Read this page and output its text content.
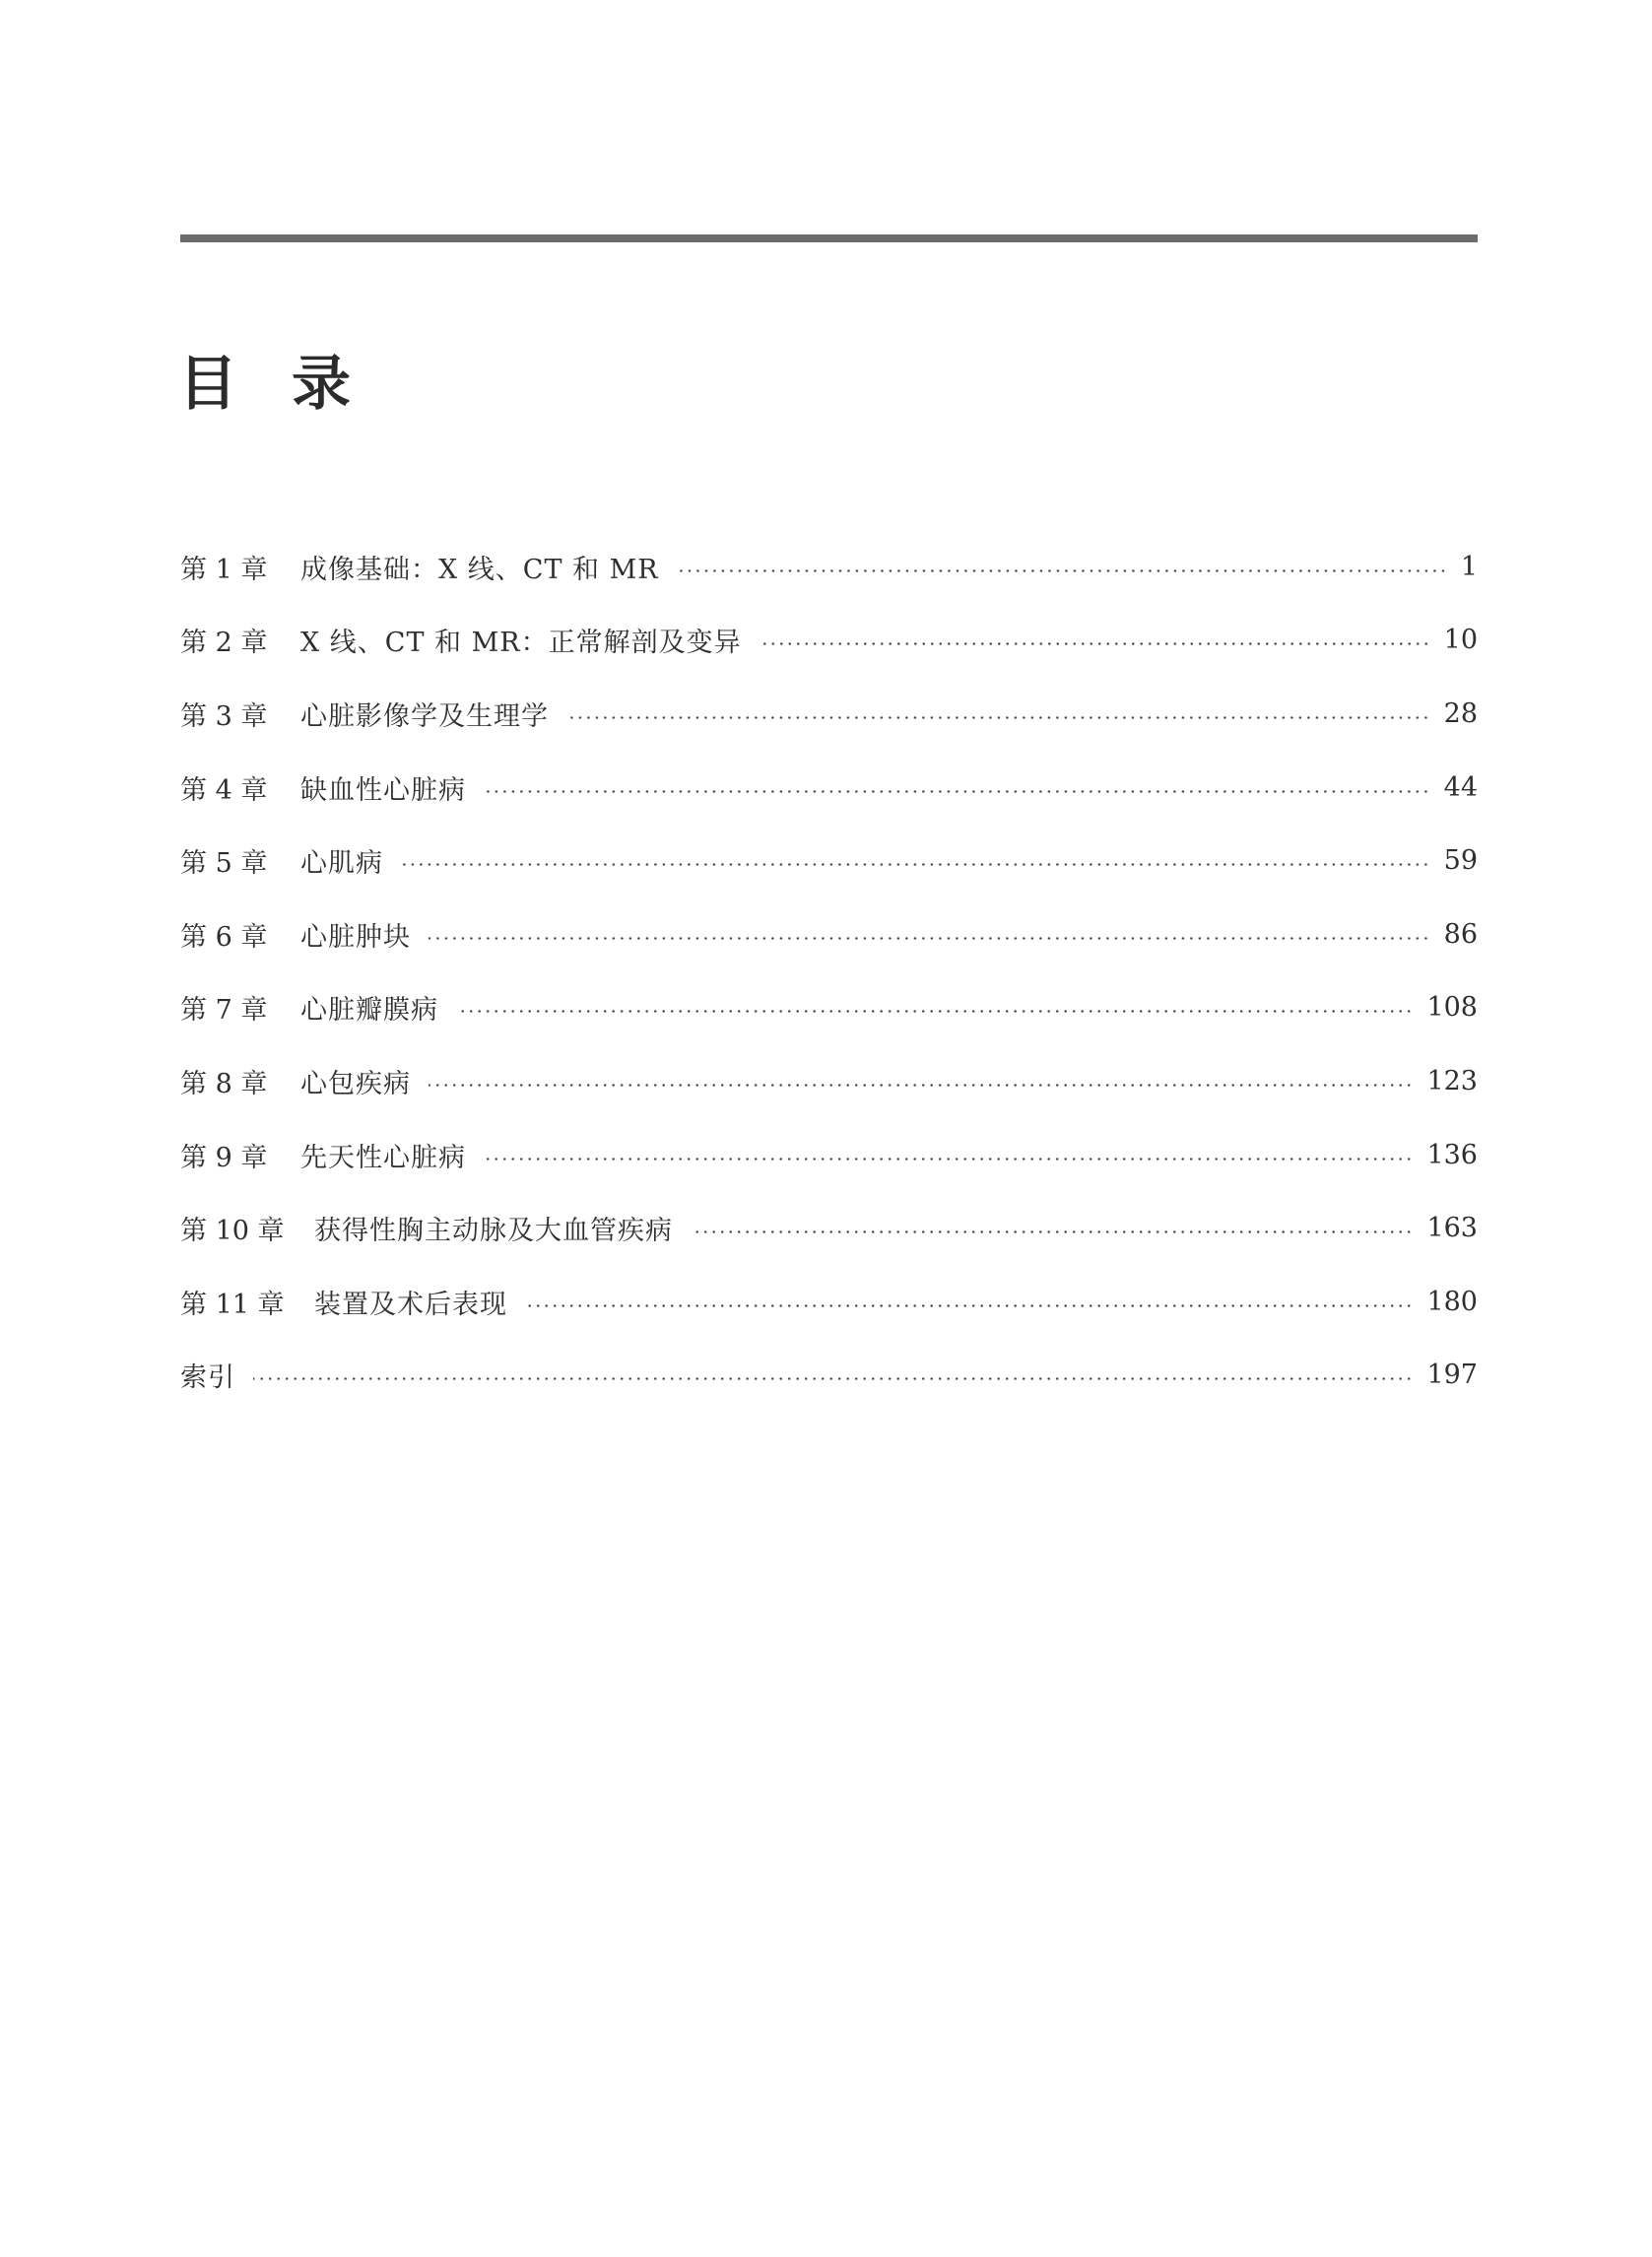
目 录
第 1 章	成像基础：X 线、CT 和 MR	1
第 2 章	X 线、CT 和 MR：正常解剖及变异	10
第 3 章	心脏影像学及生理学	28
第 4 章	缺血性心脏病	44
第 5 章	心肌病	59
第 6 章	心脏肿块	86
第 7 章	心脏瓣膜病	108
第 8 章	心包疾病	123
第 9 章	先天性心脏病	136
第 10 章	获得性胸主动脉及大血管疾病	163
第 11 章	装置及术后表现	180
索引	197
